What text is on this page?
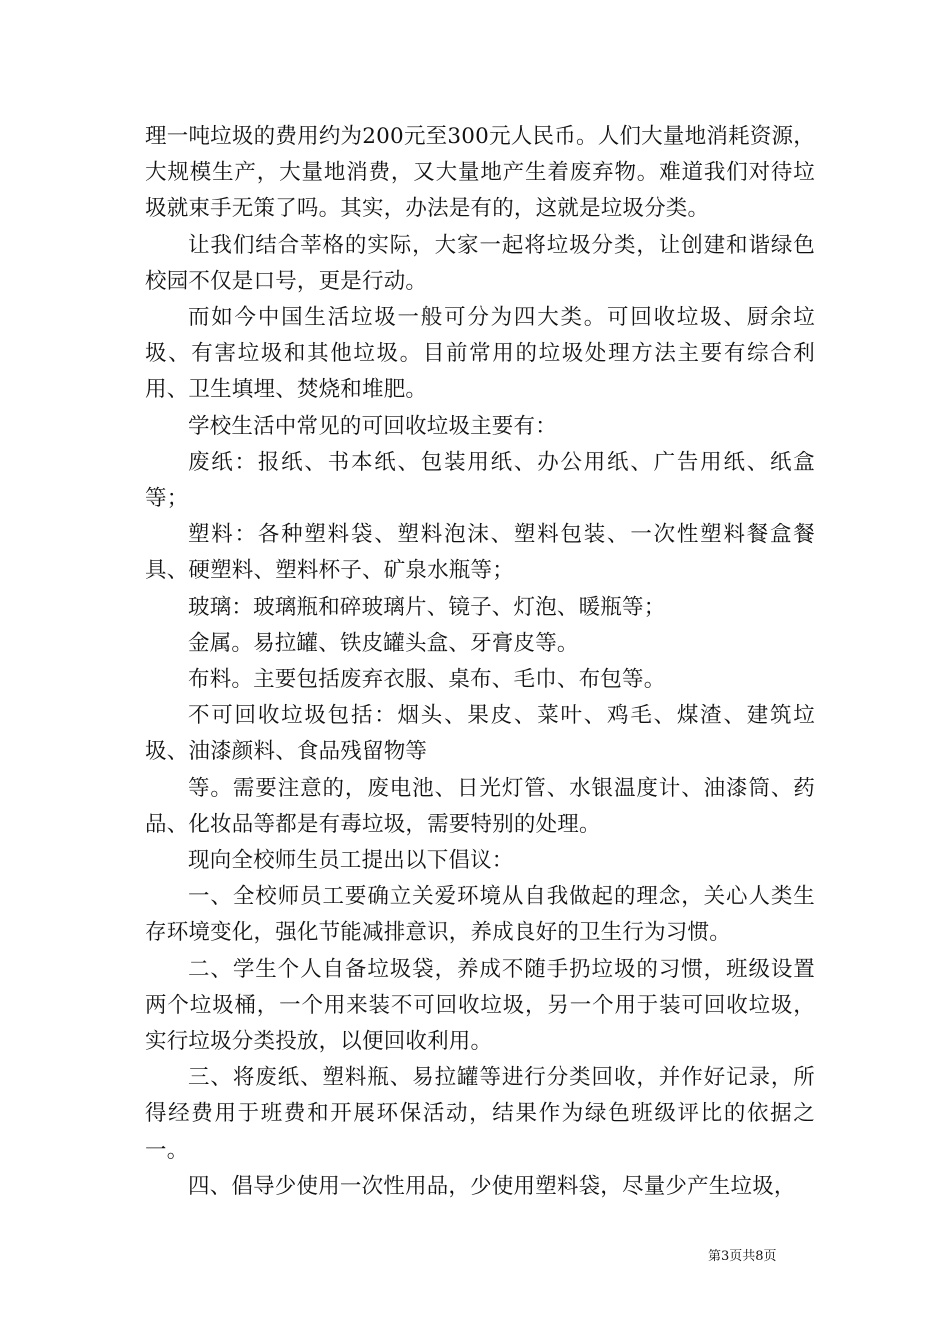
理一吨垃圾的费用约为200元至300元人民币。人们大量地消耗资源，大规模生产，大量地消费，又大量地产生着废弃物。难道我们对待垃圾就束手无策了吗。其实，办法是有的，这就是垃圾分类。

让我们结合莘格的实际，大家一起将垃圾分类，让创建和谐绿色校园不仅是口号，更是行动。

而如今中国生活垃圾一般可分为四大类。可回收垃圾、厨余垃圾、有害垃圾和其他垃圾。目前常用的垃圾处理方法主要有综合利用、卫生填埋、焚烧和堆肥。

学校生活中常见的可回收垃圾主要有：

废纸：报纸、书本纸、包装用纸、办公用纸、广告用纸、纸盒等；

塑料：各种塑料袋、塑料泡沫、塑料包装、一次性塑料餐盒餐具、硬塑料、塑料杯子、矿泉水瓶等；

玻璃：玻璃瓶和碎玻璃片、镜子、灯泡、暖瓶等；

金属。易拉罐、铁皮罐头盒、牙膏皮等。

布料。主要包括废弃衣服、桌布、毛巾、布包等。

不可回收垃圾包括：烟头、果皮、菜叶、鸡毛、煤渣、建筑垃圾、油漆颜料、食品残留物等

等。需要注意的，废电池、日光灯管、水银温度计、油漆筒、药品、化妆品等都是有毒垃圾，需要特别的处理。

现向全校师生员工提出以下倡议：

一、全校师员工要确立关爱环境从自我做起的理念，关心人类生存环境变化，强化节能减排意识，养成良好的卫生行为习惯。

二、学生个人自备垃圾袋，养成不随手扔垃圾的习惯，班级设置两个垃圾桶，一个用来装不可回收垃圾，另一个用于装可回收垃圾，实行垃圾分类投放，以便回收利用。

三、将废纸、塑料瓶、易拉罐等进行分类回收，并作好记录，所得经费用于班费和开展环保活动，结果作为绿色班级评比的依据之一。

四、倡导少使用一次性用品，少使用塑料袋，尽量少产生垃圾，

第3页共8页
